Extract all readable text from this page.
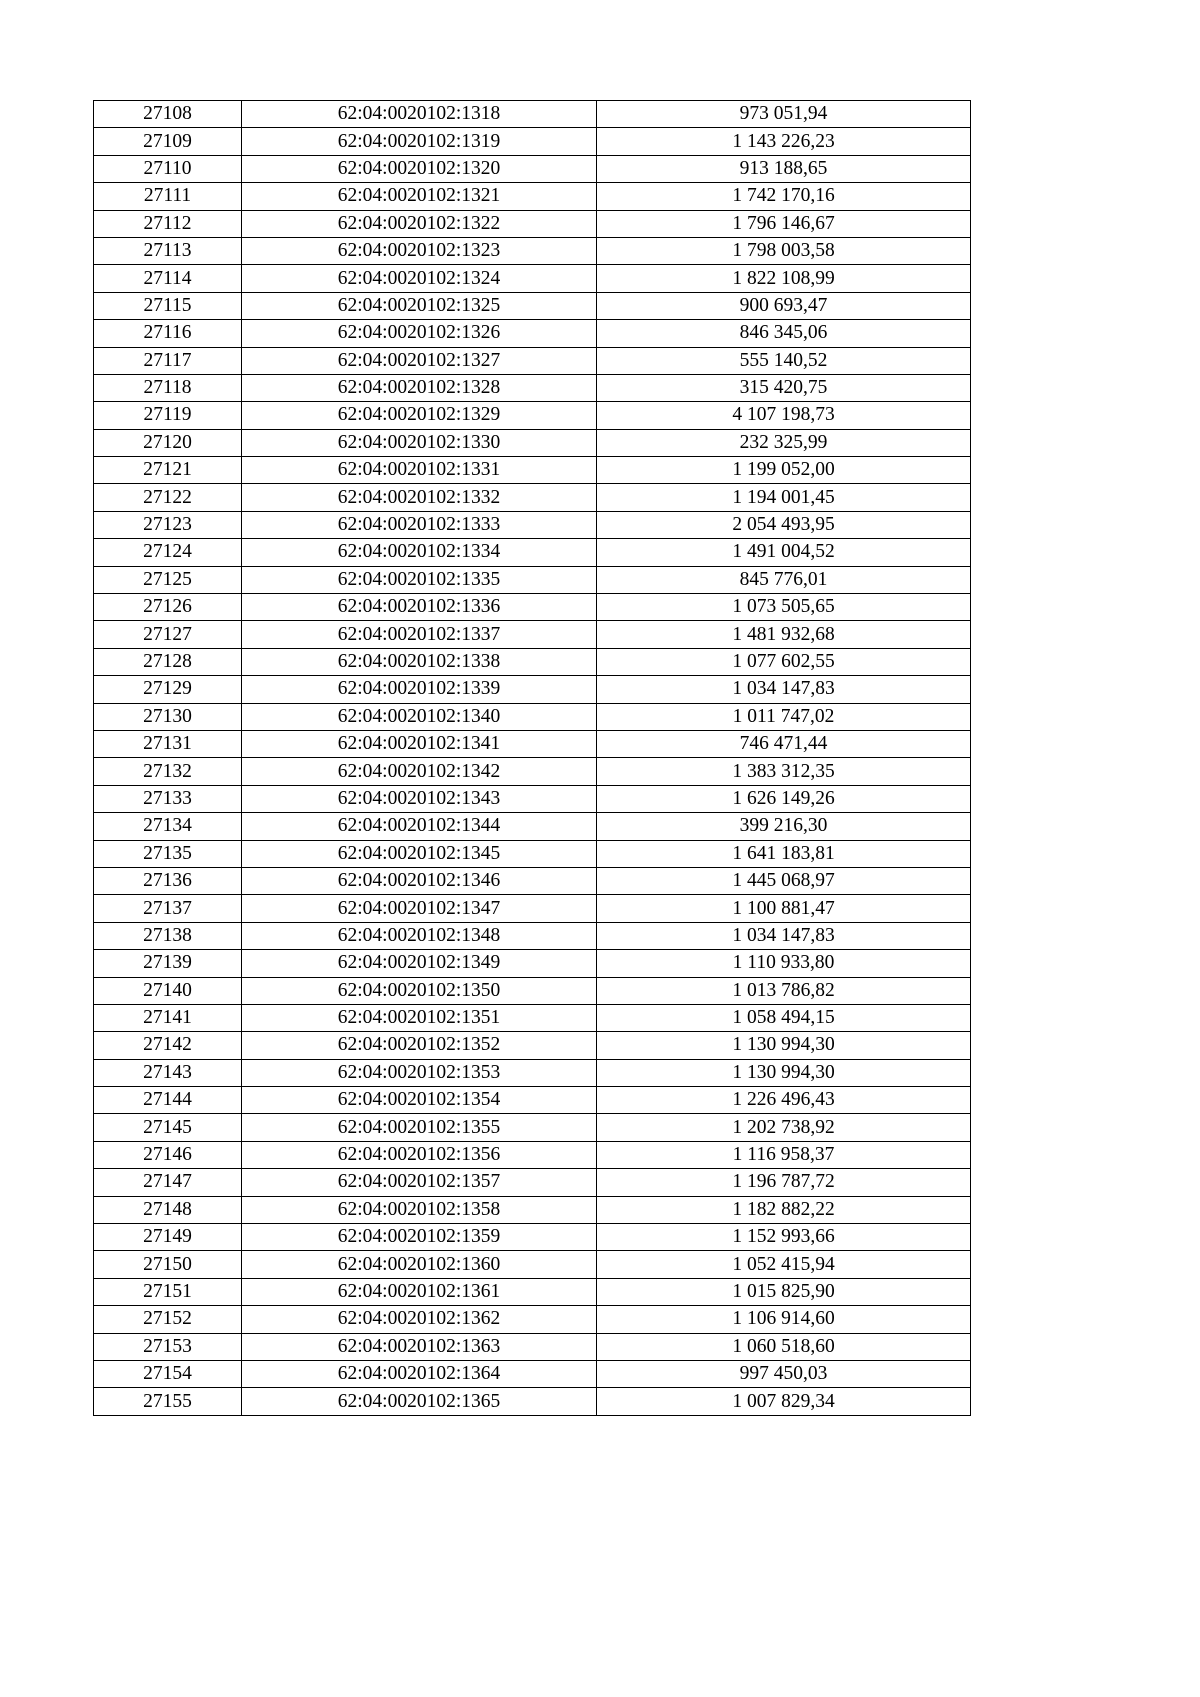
27108	62:04:0020102:1318	973 051,94
27109	62:04:0020102:1319	1 143 226,23
27110	62:04:0020102:1320	913 188,65
27111	62:04:0020102:1321	1 742 170,16
27112	62:04:0020102:1322	1 796 146,67
27113	62:04:0020102:1323	1 798 003,58
27114	62:04:0020102:1324	1 822 108,99
27115	62:04:0020102:1325	900 693,47
27116	62:04:0020102:1326	846 345,06
27117	62:04:0020102:1327	555 140,52
27118	62:04:0020102:1328	315 420,75
27119	62:04:0020102:1329	4 107 198,73
27120	62:04:0020102:1330	232 325,99
27121	62:04:0020102:1331	1 199 052,00
27122	62:04:0020102:1332	1 194 001,45
27123	62:04:0020102:1333	2 054 493,95
27124	62:04:0020102:1334	1 491 004,52
27125	62:04:0020102:1335	845 776,01
27126	62:04:0020102:1336	1 073 505,65
27127	62:04:0020102:1337	1 481 932,68
27128	62:04:0020102:1338	1 077 602,55
27129	62:04:0020102:1339	1 034 147,83
27130	62:04:0020102:1340	1 011 747,02
27131	62:04:0020102:1341	746 471,44
27132	62:04:0020102:1342	1 383 312,35
27133	62:04:0020102:1343	1 626 149,26
27134	62:04:0020102:1344	399 216,30
27135	62:04:0020102:1345	1 641 183,81
27136	62:04:0020102:1346	1 445 068,97
27137	62:04:0020102:1347	1 100 881,47
27138	62:04:0020102:1348	1 034 147,83
27139	62:04:0020102:1349	1 110 933,80
27140	62:04:0020102:1350	1 013 786,82
27141	62:04:0020102:1351	1 058 494,15
27142	62:04:0020102:1352	1 130 994,30
27143	62:04:0020102:1353	1 130 994,30
27144	62:04:0020102:1354	1 226 496,43
27145	62:04:0020102:1355	1 202 738,92
27146	62:04:0020102:1356	1 116 958,37
27147	62:04:0020102:1357	1 196 787,72
27148	62:04:0020102:1358	1 182 882,22
27149	62:04:0020102:1359	1 152 993,66
27150	62:04:0020102:1360	1 052 415,94
27151	62:04:0020102:1361	1 015 825,90
27152	62:04:0020102:1362	1 106 914,60
27153	62:04:0020102:1363	1 060 518,60
27154	62:04:0020102:1364	997 450,03
27155	62:04:0020102:1365	1 007 829,34
